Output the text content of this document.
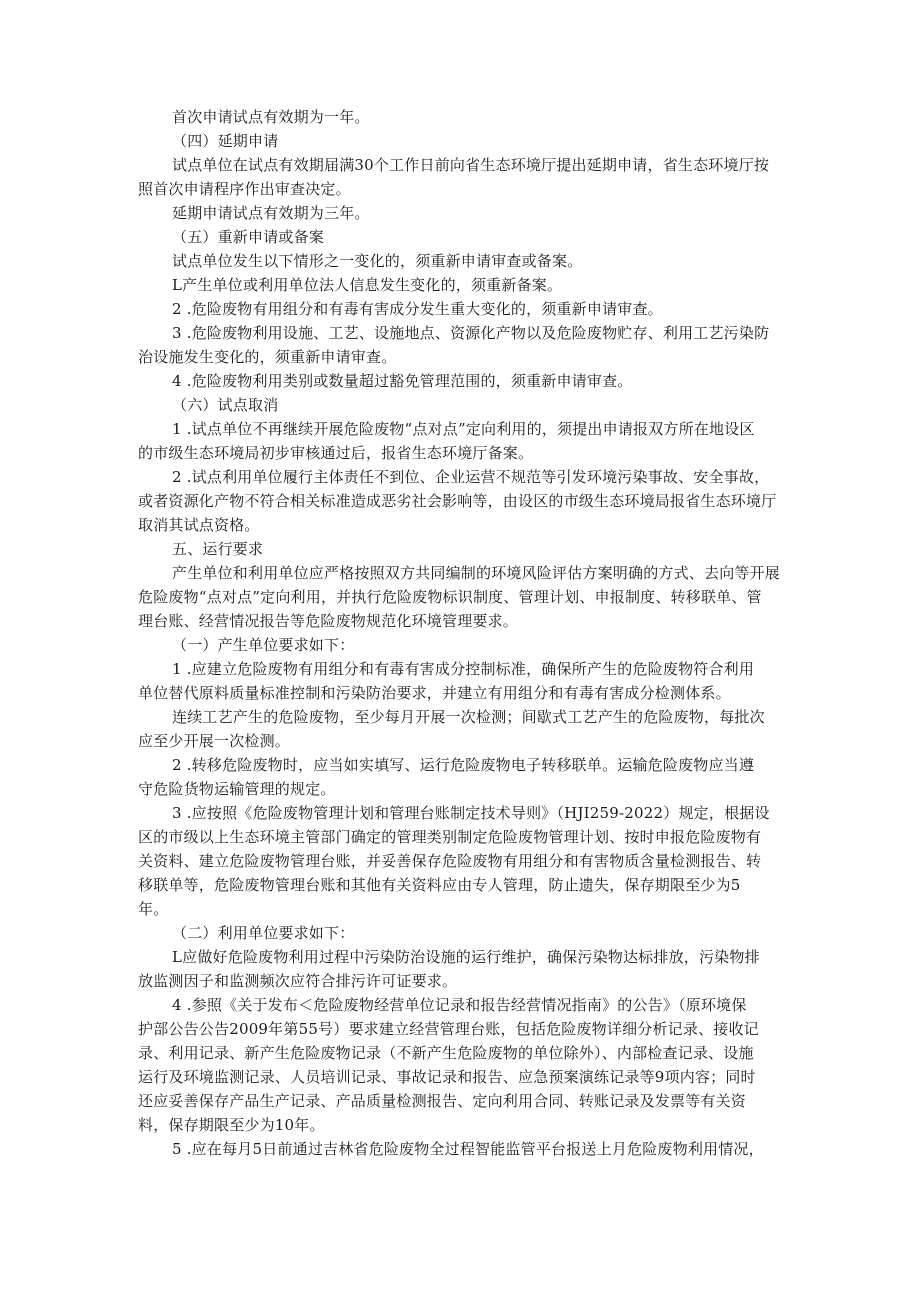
首次申请试点有效期为一年。
（四）延期申请
试点单位在试点有效期届满30个工作日前向省生态环境厅提出延期申请，省生态环境厅按
照首次申请程序作出审查决定。
延期申请试点有效期为三年。
（五）重新申请或备案
试点单位发生以下情形之一变化的，须重新申请审查或备案。
L产生单位或利用单位法人信息发生变化的，须重新备案。
2 .危险废物有用组分和有毒有害成分发生重大变化的，须重新申请审查。
3 .危险废物利用设施、工艺、设施地点、资源化产物以及危险废物贮存、利用工艺污染防
治设施发生变化的，须重新申请审查。
4 .危险废物利用类别或数量超过豁免管理范围的，须重新申请审查。
（六）试点取消
1 .试点单位不再继续开展危险废物“点对点”定向利用的，须提出申请报双方所在地设区
的市级生态环境局初步审核通过后，报省生态环境厅备案。
2 .试点利用单位履行主体责任不到位、企业运营不规范等引发环境污染事故、安全事故，
或者资源化产物不符合相关标准造成恶劣社会影响等，由设区的市级生态环境局报省生态环境厅
取消其试点资格。
五、运行要求
产生单位和利用单位应严格按照双方共同编制的环境风险评估方案明确的方式、去向等开展
危险废物“点对点”定向利用，并执行危险废物标识制度、管理计划、申报制度、转移联单、管
理台账、经营情况报告等危险废物规范化环境管理要求。
（一）产生单位要求如下：
1 .应建立危险废物有用组分和有毒有害成分控制标准，确保所产生的危险废物符合利用
单位替代原料质量标准控制和污染防治要求，并建立有用组分和有毒有害成分检测体系。
连续工艺产生的危险废物，至少每月开展一次检测；间歇式工艺产生的危险废物，每批次
应至少开展一次检测。
2 .转移危险废物时，应当如实填写、运行危险废物电子转移联单。运输危险废物应当遵
守危险货物运输管理的规定。
3 .应按照《危险废物管理计划和管理台账制定技术导则》（HJI259-2022）规定，根据设
区的市级以上生态环境主管部门确定的管理类别制定危险废物管理计划、按时申报危险废物有
关资料、建立危险废物管理台账，并妥善保存危险废物有用组分和有害物质含量检测报告、转
移联单等，危险废物管理台账和其他有关资料应由专人管理，防止遗失，保存期限至少为5
年。
（二）利用单位要求如下：
L应做好危险废物利用过程中污染防治设施的运行维护，确保污染物达标排放，污染物排
放监测因子和监测频次应符合排污许可证要求。
4 .参照《关于发布＜危险废物经营单位记录和报告经营情况指南》的公告》（原环境保
护部公告公告2009年第55号）要求建立经营管理台账，包括危险废物详细分析记录、接收记
录、利用记录、新产生危险废物记录（不新产生危险废物的单位除外）、内部检查记录、设施
运行及环境监测记录、人员培训记录、事故记录和报告、应急预案演练记录等9项内容；同时
还应妥善保存产品生产记录、产品质量检测报告、定向利用合同、转账记录及发票等有关资
料，保存期限至少为10年。
5 .应在每月5日前通过吉林省危险废物全过程智能监管平台报送上月危险废物利用情况，
